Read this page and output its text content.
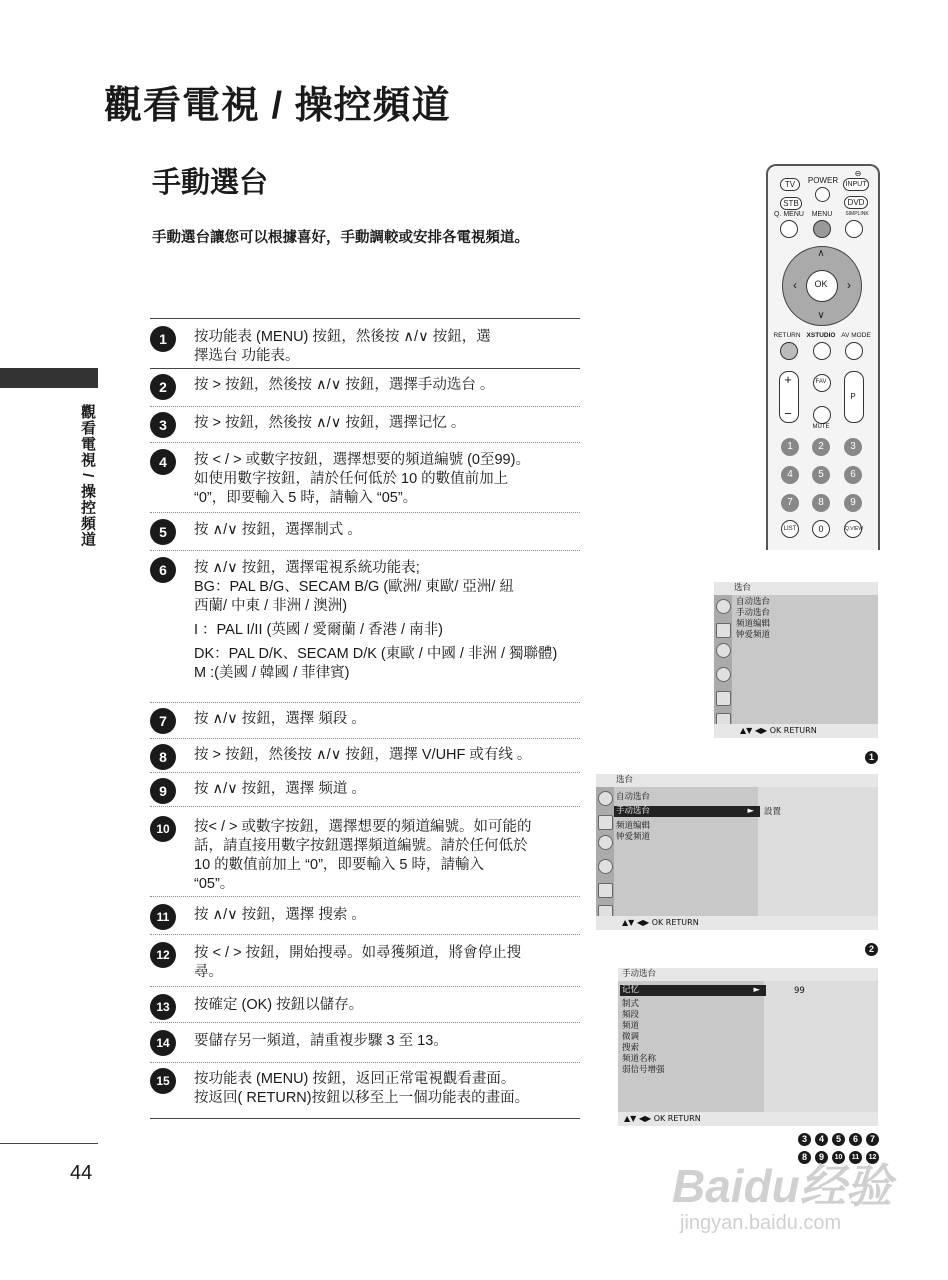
觀看電視 / 操控頻道
手動選台
手動選台讓您可以根據喜好，手動調較或安排各電視頻道。
觀看電視 / 操控頻道
1	按功能表 (MENU) 按鈕，然後按 ∧/∨ 按鈕，選
擇选台 功能表。
2	按 > 按鈕，然後按 ∧/∨ 按鈕，選擇手动选台 。
3	按 > 按鈕，然後按 ∧/∨ 按鈕，選擇记忆 。
4	按 < / > 或數字按鈕，選擇想要的頻道編號 (0至99)。
如使用數字按鈕，請於任何低於 10 的數值前加上
“0”，即要輸入 5 時，請輸入 “05”。
5	按 ∧/∨ 按鈕，選擇制式 。
6	按 ∧/∨ 按鈕，選擇電視系統功能表;
BG：PAL B/G、SECAM B/G (歐洲/ 東歐/ 亞洲/ 紐
西蘭/ 中東 / 非洲 / 澳洲)
I ：PAL I/II (英國 / 愛爾蘭 / 香港 / 南非)
DK：PAL D/K、SECAM D/K (東歐 / 中國 / 非洲 / 獨聯體)
M :(美國 / 韓國 / 菲律賓)
7	按 ∧/∨ 按鈕，選擇 頻段 。
8	按 > 按鈕，然後按 ∧/∨ 按鈕，選擇 V/UHF 或有线 。
9	按 ∧/∨ 按鈕，選擇 频道 。
10	按< / > 或數字按鈕，選擇想要的頻道編號。如可能的
話，請直接用數字按鈕選擇頻道編號。請於任何低於
10 的數值前加上 “0”，即要輸入 5 時，請輸入
“05”。
11	按 ∧/∨ 按鈕，選擇 搜索 。
12	按 < / > 按鈕，開始搜尋。如尋獲頻道，將會停止搜
尋。
13	按確定 (OK) 按鈕以儲存。
14	要儲存另一頻道，請重複步驟 3 至 13。
15	按功能表 (MENU) 按鈕，返回正常電視觀看畫面。
按返回( RETURN)按鈕以移至上一個功能表的畫面。
TV	POWER
⊖
INPUT
STB	DVD
Q. MENU	MENU	SIMPLINK
OK
‹	›
∧
∨
RETURN XSTUDIO AV MODE
+
−
FAV
MUTE
P
1	2	3
4	5	6
7	8	9
LIST	0	Q.VIEW
选台
自动选台
手动选台
频道编辑
钟爱频道
▲▼ ◀▶ OK RETURN
1
选台
自动选台
手动选台	► 設置
频道编辑
钟爱频道
▲▼ ◀▶ OK RETURN
2
手动选台
记忆	►	99
制式
頻段
频道
微调
搜索
频道名称
弱信号增强
▲▼ ◀▶ OK RETURN
3	4	5	6	7
8	9	10	11	12
44	Baidu经验
jingyan.baidu.com
